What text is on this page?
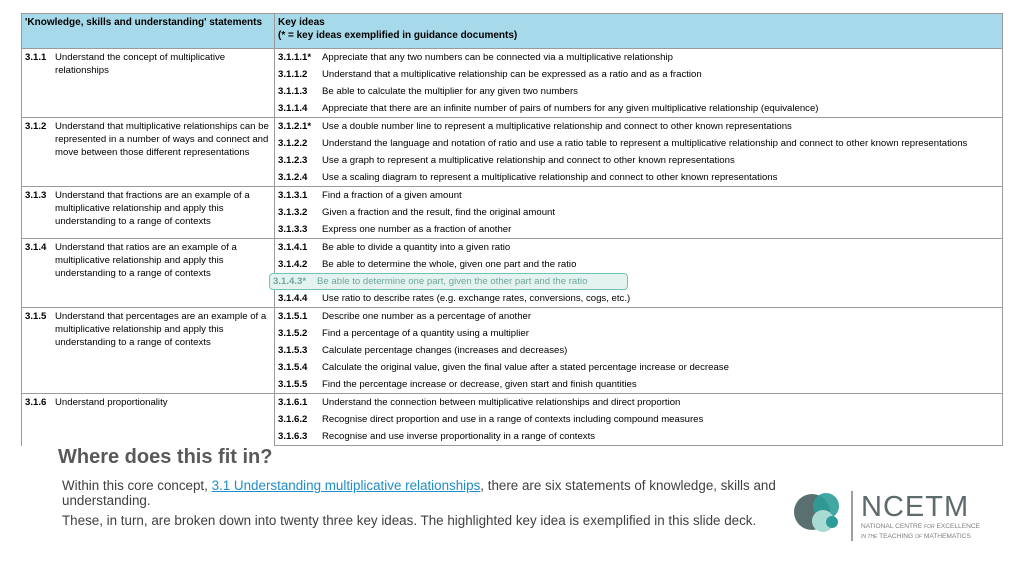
'Knowledge, skills and understanding' statements	Key ideas
(* = key ideas exemplified in guidance documents)

3.1.1 Understand the concept of multiplicative relationships	3.1.1.1* Appreciate that any two numbers can be connected via a multiplicative relationship

	3.1.1.2 Understand that a multiplicative relationship can be expressed as a ratio and as a fraction

	3.1.1.3 Be able to calculate the multiplier for any given two numbers

	3.1.1.4 Appreciate that there are an infinite number of pairs of numbers for any given multiplicative relationship (equivalence)

3.1.2 Understand that multiplicative relationships can be represented in a number of ways and connect and move between those different representations	3.1.2.1* Use a double number line to represent a multiplicative relationship and connect to other known representations

	3.1.2.2 Understand the language and notation of ratio and use a ratio table to represent a multiplicative relationship and connect to other known representations

	3.1.2.3 Use a graph to represent a multiplicative relationship and connect to other known representations

	3.1.2.4 Use a scaling diagram to represent a multiplicative relationship and connect to other known representations

3.1.3 Understand that fractions are an example of a multiplicative relationship and apply this understanding to a range of contexts	3.1.3.1 Find a fraction of a given amount

	3.1.3.2 Given a fraction and the result, find the original amount

	3.1.3.3 Express one number as a fraction of another

3.1.4 Understand that ratios are an example of a multiplicative relationship and apply this understanding to a range of contexts	3.1.4.1 Be able to divide a quantity into a given ratio

	3.1.4.2 Be able to determine the whole, given one part and the ratio

	3.1.4.3* Be able to determine one part, given the other part and the ratio

	3.1.4.4 Use ratio to describe rates (e.g. exchange rates, conversions, cogs, etc.)

3.1.5 Understand that percentages are an example of a multiplicative relationship and apply this understanding to a range of contexts	3.1.5.1 Describe one number as a percentage of another

	3.1.5.2 Find a percentage of a quantity using a multiplier

	3.1.5.3 Calculate percentage changes (increases and decreases)

	3.1.5.4 Calculate the original value, given the final value after a stated percentage increase or decrease

	3.1.5.5 Find the percentage increase or decrease, given start and finish quantities

3.1.6 Understand proportionality	3.1.6.1 Understand the connection between multiplicative relationships and direct proportion

	3.1.6.2 Recognise direct proportion and use in a range of contexts including compound measures

	3.1.6.3 Recognise and use inverse proportionality in a range of contexts
Where does this fit in?
Within this core concept, 3.1 Understanding multiplicative relationships, there are six statements of knowledge, skills and understanding.
These, in turn, are broken down into twenty three key ideas. The highlighted key idea is exemplified in this slide deck.	NCETM
NATIONAL CENTRE FOR EXCELLENCE
IN THE TEACHING OF MATHEMATICS
